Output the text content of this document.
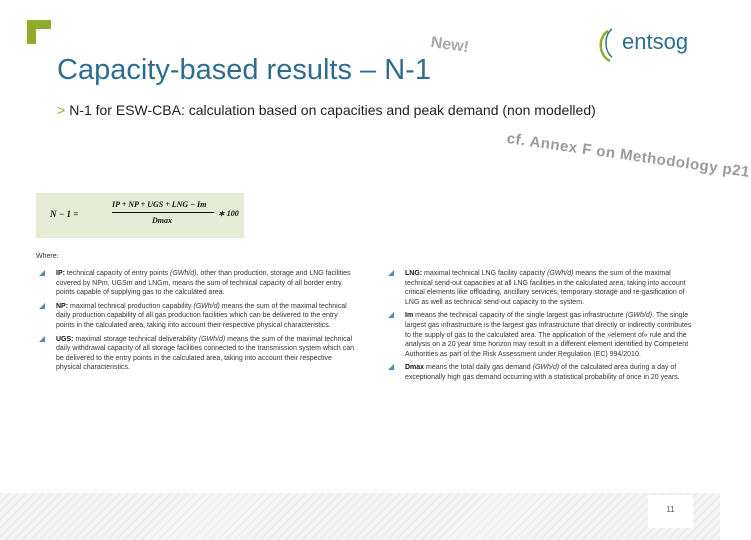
Capacity-based results – N-1
New!	entsog
> N-1 for ESW-CBA: calculation based on capacities and peak demand (non modelled)
cf. Annex F on Methodology p21
N − 1 =
IP + NP + UGS + LNG − Im
Dmax
∗ 100
Where:
IP: technical capacity of entry points (GWh/d), other than production, storage and LNG facilities covered by NPm, UGSm and LNGm, means the sum of technical capacity of all border entry points capable of supplying gas to the calculated area.
NP: maximal technical production capability (GWh/d) means the sum of the maximal technical daily production capability of all gas production facilities which can be delivered to the entry points in the calculated area, taking into account their respective physical characteristics.
UGS: maximal storage technical deliverability (GWh/d) means the sum of the maximal technical daily withdrawal capacity of all storage facilities connected to the transmission system which can be delivered to the entry points in the calculated area, taking into account their respective physical characteristics.
LNG: maximal technical LNG facility capacity (GWh/d) means the sum of the maximal technical send-out capacities at all LNG facilities in the calculated area, taking into account critical elements like offloading, ancillary services, temporary storage and re-gasification of LNG as well as technical send-out capacity to the system.
Im means the technical capacity of the single largest gas infrastructure (GWh/d). The single largest gas infrastructure is the largest gas infrastructure that directly or indirectly contributes to the supply of gas to the calculated area. The application of the »element of« rule and the analysis on a 20 year time horizon may result in a different element identified by Competent Authorities as part of the Risk Assessment under Regulation (EC) 994/2010.
Dmax means the total daily gas demand (GWh/d) of the calculated area during a day of exceptionally high gas demand occurring with a statistical probability of once in 20 years.
11
